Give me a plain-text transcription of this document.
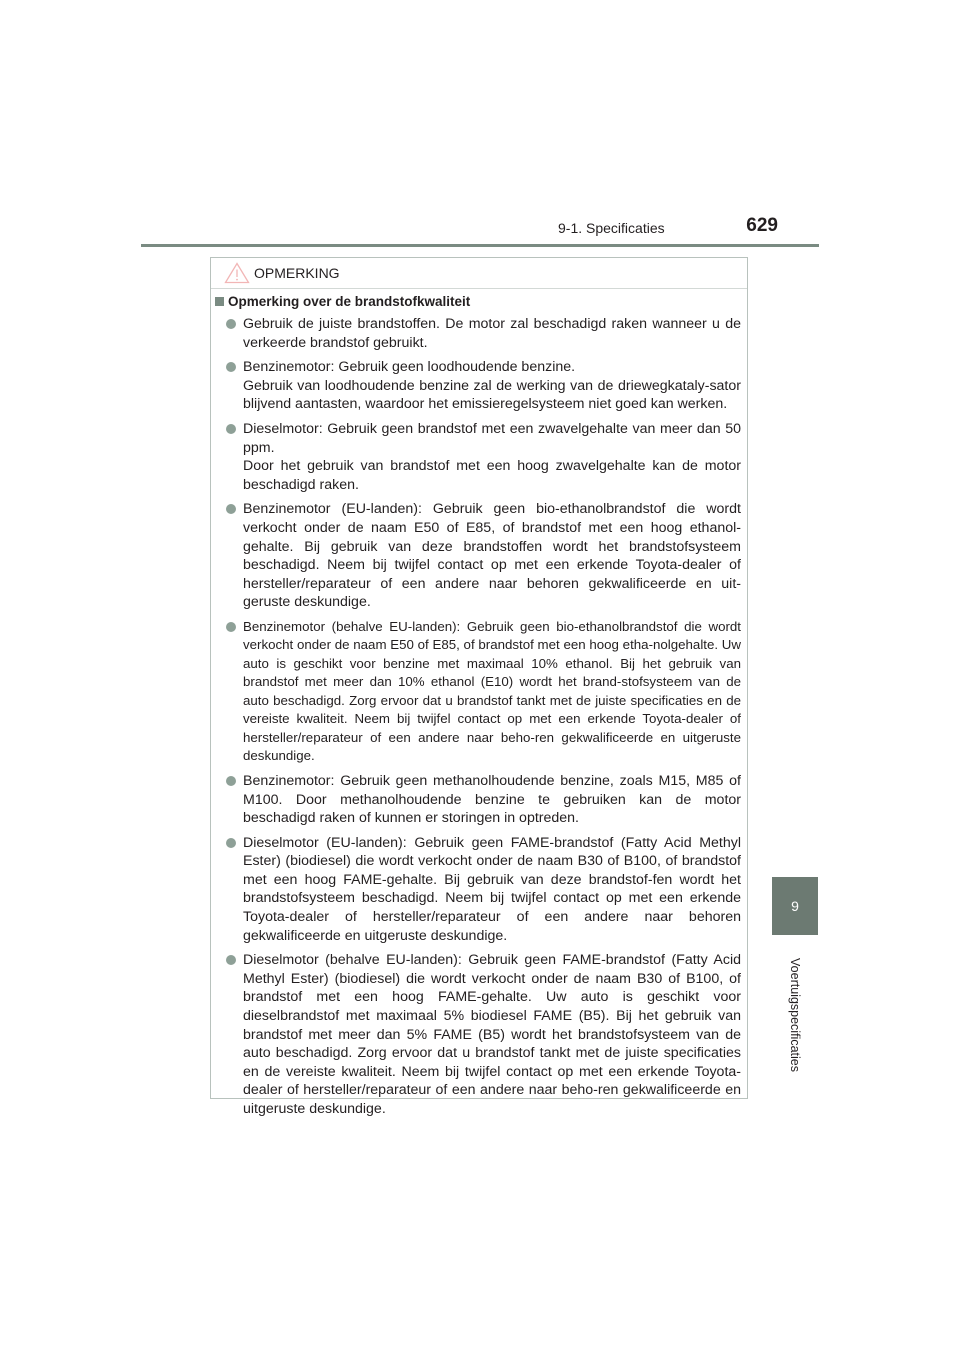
9-1. Specificaties	629
9
Voertuigspecificaties
OPMERKING
Opmerking over de brandstofkwaliteit

Gebruik de juiste brandstoffen. De motor zal beschadigd raken wanneer u de verkeerde brandstof gebruikt.

Benzinemotor: Gebruik geen loodhoudende benzine.

Gebruik van loodhoudende benzine zal de werking van de driewegkataly-sator blijvend aantasten, waardoor het emissieregelsysteem niet goed kan werken.

Dieselmotor: Gebruik geen brandstof met een zwavelgehalte van meer dan 50 ppm.

Door het gebruik van brandstof met een hoog zwavelgehalte kan de motor beschadigd raken.

Benzinemotor (EU-landen): Gebruik geen bio-ethanolbrandstof die wordt verkocht onder de naam E50 of E85, of brandstof met een hoog ethanol-gehalte. Bij gebruik van deze brandstoffen wordt het brandstofsysteem beschadigd. Neem bij twijfel contact op met een erkende Toyota-dealer of hersteller/reparateur of een andere naar behoren gekwalificeerde en uit-geruste deskundige.

Benzinemotor (behalve EU-landen): Gebruik geen bio-ethanolbrandstof die wordt verkocht onder de naam E50 of E85, of brandstof met een hoog etha-nolgehalte. Uw auto is geschikt voor benzine met maximaal 10% ethanol. Bij het gebruik van brandstof met meer dan 10% ethanol (E10) wordt het brand-stofsysteem van de auto beschadigd. Zorg ervoor dat u brandstof tankt met de juiste specificaties en de vereiste kwaliteit. Neem bij twijfel contact op met een erkende Toyota-dealer of hersteller/reparateur of een andere naar beho-ren gekwalificeerde en uitgeruste deskundige.

Benzinemotor: Gebruik geen methanolhoudende benzine, zoals M15, M85 of M100. Door methanolhoudende benzine te gebruiken kan de motor beschadigd raken of kunnen er storingen in optreden.

Dieselmotor (EU-landen): Gebruik geen FAME-brandstof (Fatty Acid Methyl Ester) (biodiesel) die wordt verkocht onder de naam B30 of B100, of brandstof met een hoog FAME-gehalte. Bij gebruik van deze brandstof-fen wordt het brandstofsysteem beschadigd. Neem bij twijfel contact op met een erkende Toyota-dealer of hersteller/reparateur of een andere naar behoren gekwalificeerde en uitgeruste deskundige.

Dieselmotor (behalve EU-landen): Gebruik geen FAME-brandstof (Fatty Acid Methyl Ester) (biodiesel) die wordt verkocht onder de naam B30 of B100, of brandstof met een hoog FAME-gehalte. Uw auto is geschikt voor dieselbrandstof met maximaal 5% biodiesel FAME (B5). Bij het gebruik van brandstof met meer dan 5% FAME (B5) wordt het brandstofsysteem van de auto beschadigd. Zorg ervoor dat u brandstof tankt met de juiste specificaties en de vereiste kwaliteit. Neem bij twijfel contact op met een erkende Toyota-dealer of hersteller/reparateur of een andere naar beho-ren gekwalificeerde en uitgeruste deskundige.
